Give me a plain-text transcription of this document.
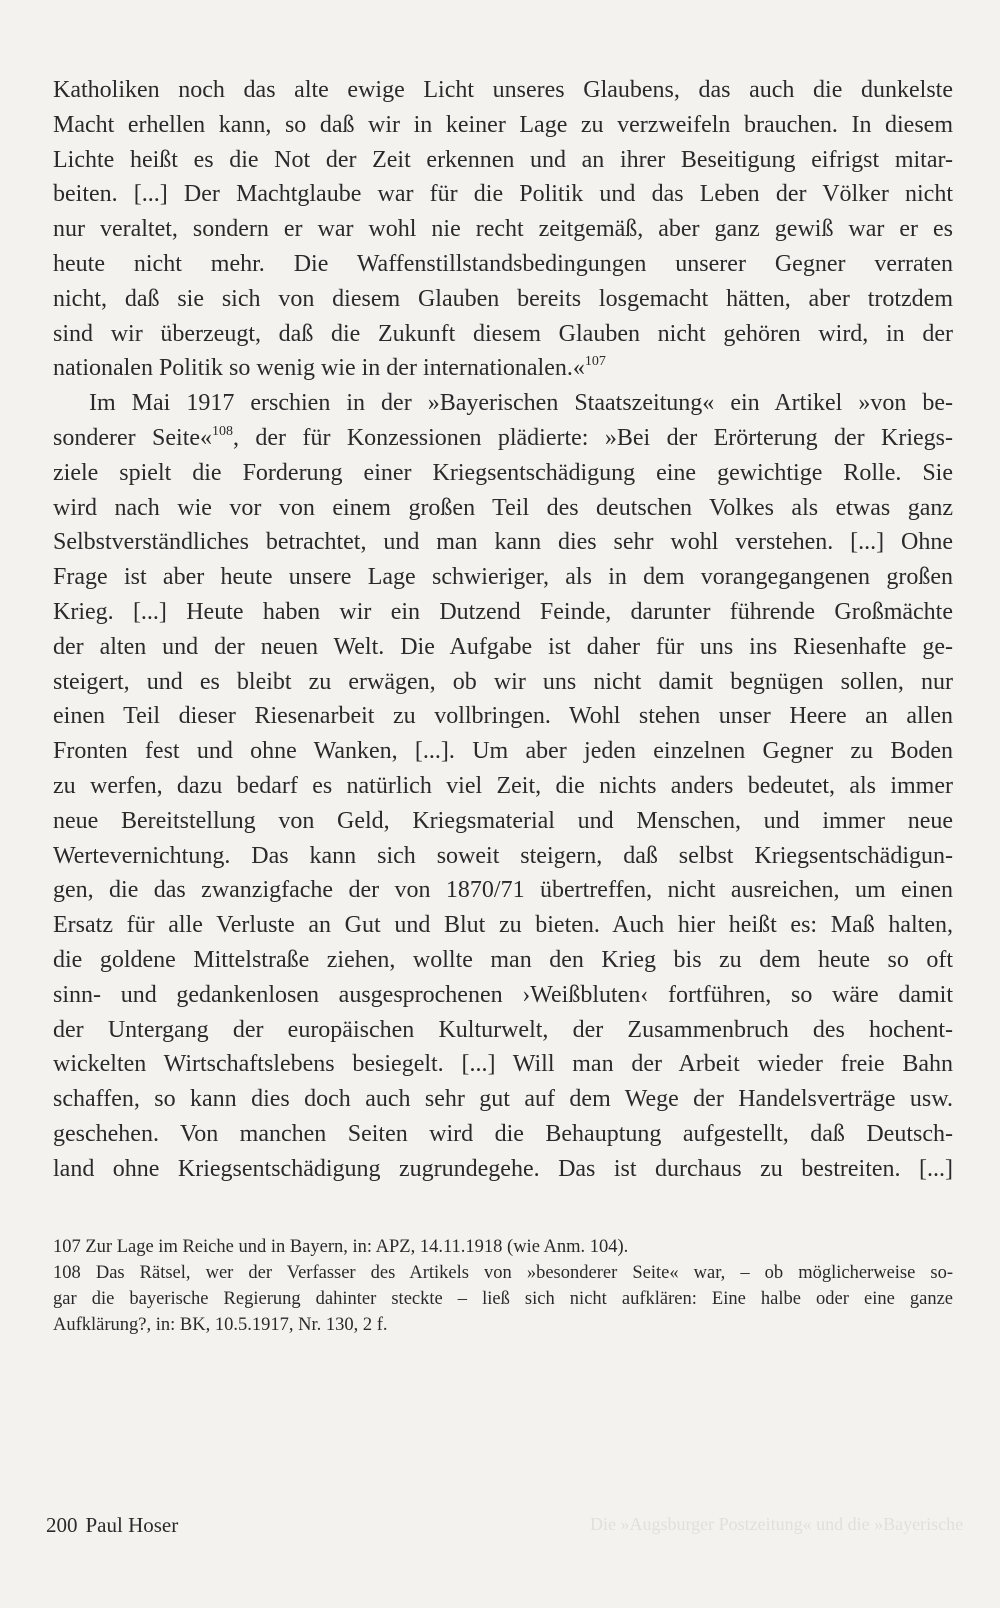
Katholiken noch das alte ewige Licht unseres Glaubens, das auch die dunkelste
Macht erhellen kann, so daß wir in keiner Lage zu verzweifeln brauchen. In diesem
Lichte heißt es die Not der Zeit erkennen und an ihrer Beseitigung eifrigst mitar-
beiten. [...] Der Machtglaube war für die Politik und das Leben der Völker nicht
nur veraltet, sondern er war wohl nie recht zeitgemäß, aber ganz gewiß war er es
heute nicht mehr. Die Waffenstillstandsbedingungen unserer Gegner verraten
nicht, daß sie sich von diesem Glauben bereits losgemacht hätten, aber trotzdem
sind wir überzeugt, daß die Zukunft diesem Glauben nicht gehören wird, in der
nationalen Politik so wenig wie in der internationalen.«$^{107}$
Im Mai 1917 erschien in der »Bayerischen Staatszeitung« ein Artikel »von be-
sonderer Seite«$^{108}$, der für Konzessionen plädierte: »Bei der Erörterung der Kriegs-
ziele spielt die Forderung einer Kriegsentschädigung eine gewichtige Rolle. Sie
wird nach wie vor von einem großen Teil des deutschen Volkes als etwas ganz
Selbstverständliches betrachtet, und man kann dies sehr wohl verstehen. [...] Ohne
Frage ist aber heute unsere Lage schwieriger, als in dem vorangegangenen großen
Krieg. [...] Heute haben wir ein Dutzend Feinde, darunter führende Großmächte
der alten und der neuen Welt. Die Aufgabe ist daher für uns ins Riesenhafte ge-
steigert, und es bleibt zu erwägen, ob wir uns nicht damit begnügen sollen, nur
einen Teil dieser Riesenarbeit zu vollbringen. Wohl stehen unser Heere an allen
Fronten fest und ohne Wanken, [...]. Um aber jeden einzelnen Gegner zu Boden
zu werfen, dazu bedarf es natürlich viel Zeit, die nichts anders bedeutet, als immer
neue Bereitstellung von Geld, Kriegsmaterial und Menschen, und immer neue
Wertevernichtung. Das kann sich soweit steigern, daß selbst Kriegsentschädigun-
gen, die das zwanzigfache der von 1870/71 übertreffen, nicht ausreichen, um einen
Ersatz für alle Verluste an Gut und Blut zu bieten. Auch hier heißt es: Maß halten,
die goldene Mittelstraße ziehen, wollte man den Krieg bis zu dem heute so oft
sinn- und gedankenlosen ausgesprochenen ›Weißbluten‹ fortführen, so wäre damit
der Untergang der europäischen Kulturwelt, der Zusammenbruch des hochent-
wickelten Wirtschaftslebens besiegelt. [...] Will man der Arbeit wieder freie Bahn
schaffen, so kann dies doch auch sehr gut auf dem Wege der Handelsverträge usw.
geschehen. Von manchen Seiten wird die Behauptung aufgestellt, daß Deutsch-
land ohne Kriegsentschädigung zugrundegehe. Das ist durchaus zu bestreiten. [...]
107 Zur Lage im Reiche und in Bayern, in: APZ, 14.11.1918 (wie Anm. 104).
108 Das Rätsel, wer der Verfasser des Artikels von »besonderer Seite« war, – ob möglicherweise so-
gar die bayerische Regierung dahinter steckte – ließ sich nicht aufklären: Eine halbe oder eine ganze
Aufklärung?, in: BK, 10.5.1917, Nr. 130, 2 f.
200 Paul Hoser	Die »Augsburger Postzeitung« und die »Bayerische
